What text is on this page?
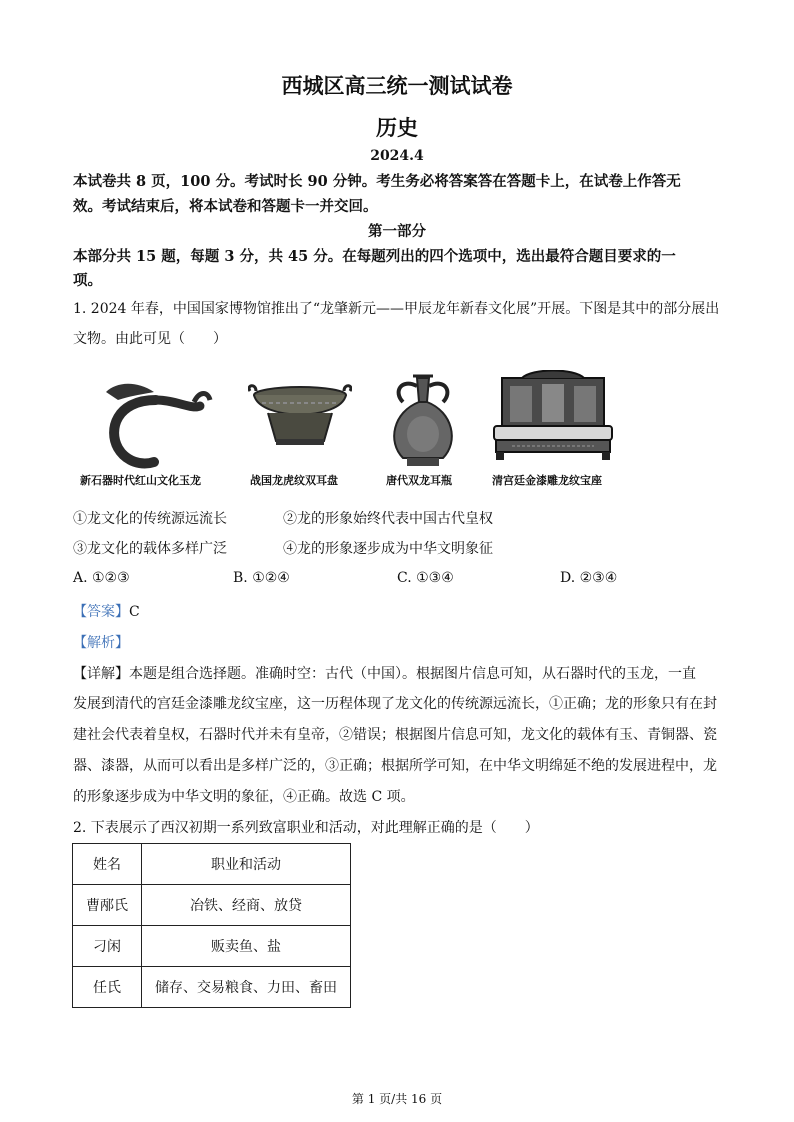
西城区高三统一测试试卷
历史
2024.4
本试卷共 8 页，100 分。考试时长 90 分钟。考生务必将答案答在答题卡上，在试卷上作答无
效。考试结束后，将本试卷和答题卡一并交回。
第一部分
本部分共 15 题，每题 3 分，共 45 分。在每题列出的四个选项中，选出最符合题目要求的一
项。
1. 2024 年春，中国国家博物馆推出了“龙肇新元——甲辰龙年新春文化展”开展。下图是其中的部分展出
文物。由此可见（　　）
新石器时代红山文化玉龙	战国龙虎纹双耳盘	唐代双龙耳瓶	清宫廷金漆雕龙纹宝座
①龙文化的传统源远流长	②龙的形象始终代表中国古代皇权
③龙文化的载体多样广泛	④龙的形象逐步成为中华文明象征
A. ①②③	B. ①②④	C. ①③④	D. ②③④
【答案】C
【解析】
【详解】本题是组合选择题。准确时空：古代（中国）。根据图片信息可知，从石器时代的玉龙，一直
发展到清代的宫廷金漆雕龙纹宝座，这一历程体现了龙文化的传统源远流长，①正确；龙的形象只有在封
建社会代表着皇权，石器时代并未有皇帝，②错误；根据图片信息可知，龙文化的载体有玉、青铜器、瓷
器、漆器，从而可以看出是多样广泛的，③正确；根据所学可知，在中华文明绵延不绝的发展进程中，龙
的形象逐步成为中华文明的象征，④正确。故选 C 项。
2. 下表展示了西汉初期一系列致富职业和活动，对此理解正确的是（　　）
姓名	职业和活动
曹邴氏	冶铁、经商、放贷
刁闲	贩卖鱼、盐
任氏	储存、交易粮食、力田、畜田
第 1 页/共 16 页
